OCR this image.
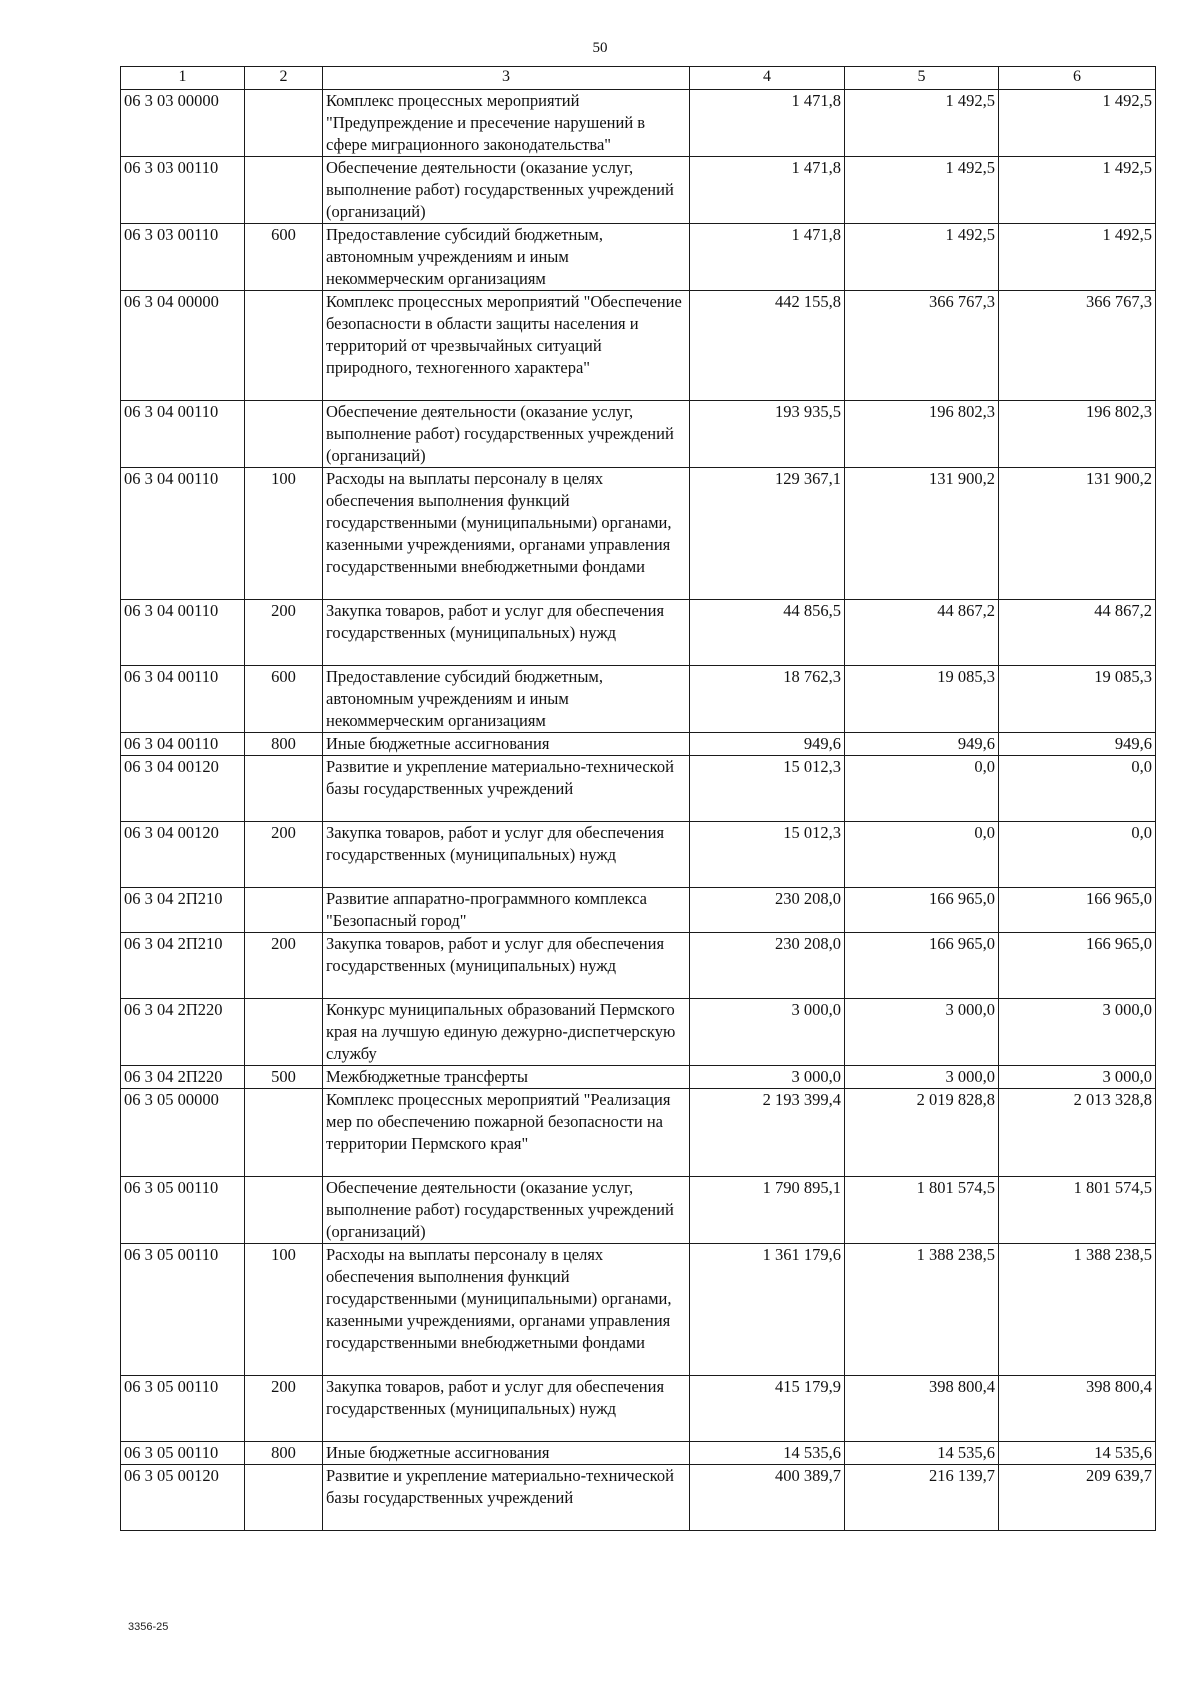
50
1	2	3	4	5	6
06 3 03 00000		Комплекс процессных мероприятий "Предупреждение и пресечение нарушений в сфере миграционного законодательства"	1 471,8	1 492,5	1 492,5
06 3 03 00110		Обеспечение деятельности (оказание услуг, выполнение работ) государственных учреждений (организаций)	1 471,8	1 492,5	1 492,5
06 3 03 00110	600	Предоставление субсидий бюджетным, автономным учреждениям и иным некоммерческим организациям	1 471,8	1 492,5	1 492,5
06 3 04 00000		Комплекс процессных мероприятий "Обеспечение безопасности в области защиты населения и территорий от чрезвычайных ситуаций природного, техногенного характера"	442 155,8	366 767,3	366 767,3
06 3 04 00110		Обеспечение деятельности (оказание услуг, выполнение работ) государственных учреждений (организаций)	193 935,5	196 802,3	196 802,3
06 3 04 00110	100	Расходы на выплаты персоналу в целях обеспечения выполнения функций государственными (муниципальными) органами, казенными учреждениями, органами управления государственными внебюджетными фондами	129 367,1	131 900,2	131 900,2
06 3 04 00110	200	Закупка товаров, работ и услуг для обеспечения государственных (муниципальных) нужд	44 856,5	44 867,2	44 867,2
06 3 04 00110	600	Предоставление субсидий бюджетным, автономным учреждениям и иным некоммерческим организациям	18 762,3	19 085,3	19 085,3
06 3 04 00110	800	Иные бюджетные ассигнования	949,6	949,6	949,6
06 3 04 00120		Развитие и укрепление материально-технической базы государственных учреждений	15 012,3	0,0	0,0
06 3 04 00120	200	Закупка товаров, работ и услуг для обеспечения государственных (муниципальных) нужд	15 012,3	0,0	0,0
06 3 04 2П210		Развитие аппаратно-программного комплекса "Безопасный город"	230 208,0	166 965,0	166 965,0
06 3 04 2П210	200	Закупка товаров, работ и услуг для обеспечения государственных (муниципальных) нужд	230 208,0	166 965,0	166 965,0
06 3 04 2П220		Конкурс муниципальных образований Пермского края на лучшую единую дежурно-диспетчерскую службу	3 000,0	3 000,0	3 000,0
06 3 04 2П220	500	Межбюджетные трансферты	3 000,0	3 000,0	3 000,0
06 3 05 00000		Комплекс процессных мероприятий "Реализация мер по обеспечению пожарной безопасности на территории Пермского края"	2 193 399,4	2 019 828,8	2 013 328,8
06 3 05 00110		Обеспечение деятельности (оказание услуг, выполнение работ) государственных учреждений (организаций)	1 790 895,1	1 801 574,5	1 801 574,5
06 3 05 00110	100	Расходы на выплаты персоналу в целях обеспечения выполнения функций государственными (муниципальными) органами, казенными учреждениями, органами управления государственными внебюджетными фондами	1 361 179,6	1 388 238,5	1 388 238,5
06 3 05 00110	200	Закупка товаров, работ и услуг для обеспечения государственных (муниципальных) нужд	415 179,9	398 800,4	398 800,4
06 3 05 00110	800	Иные бюджетные ассигнования	14 535,6	14 535,6	14 535,6
06 3 05 00120		Развитие и укрепление материально-технической базы государственных учреждений	400 389,7	216 139,7	209 639,7
3356-25
